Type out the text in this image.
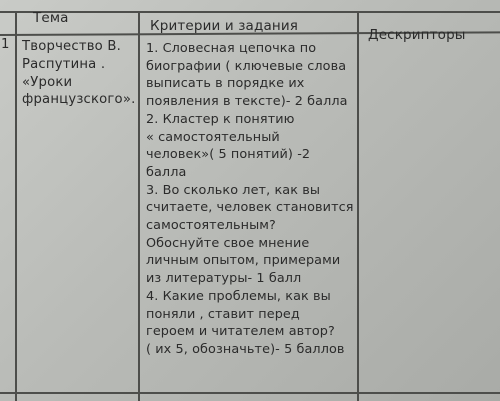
Тема	Критерии и задания
Дескрипторы
1 Творчество В.
Распутина .
«Уроки
французского».
1. Словесная цепочка по
биографии ( ключевые слова
выписать в порядке их
появления в тексте)- 2 балла
2. Кластер к понятию
« самостоятельный
человек»( 5 понятий) -2
балла
3. Во сколько лет, как вы
считаете, человек становится
самостоятельным?
Обоснуйте свое мнение
личным опытом, примерами
из литературы- 1 балл
4. Какие проблемы, как вы
поняли , ставит перед
героем и читателем автор?
( их 5, обозначьте)- 5 баллов
